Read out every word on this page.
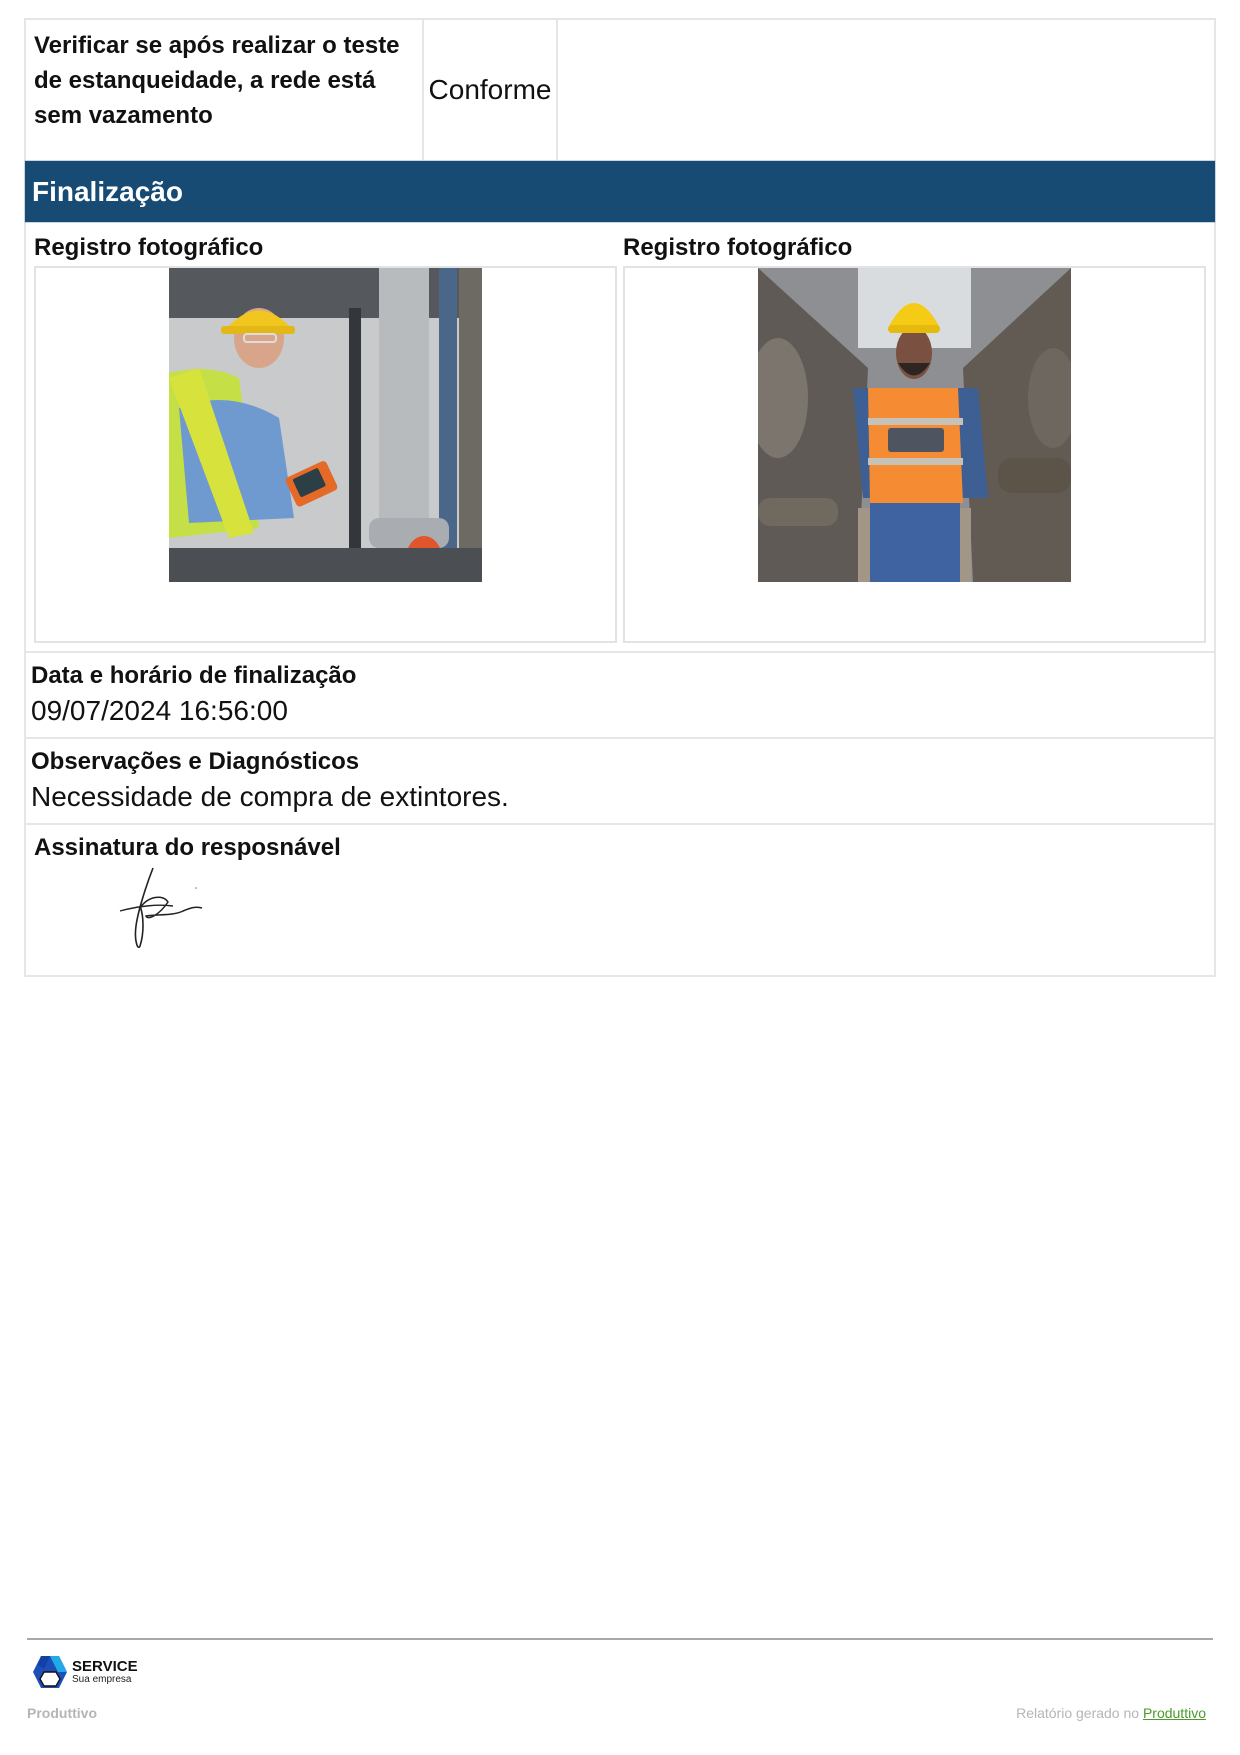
Verificar se após realizar o teste de estanqueidade, a rede está sem vazamento
Conforme
Finalização
Registro fotográfico	Registro fotográfico
Data e horário de finalização
09/07/2024 16:56:00
Observações e Diagnósticos
Necessidade de compra de extintores.
Assinatura do resposnável
SERVICE
Sua empresa
Produttivo	Relatório gerado no Produttivo
